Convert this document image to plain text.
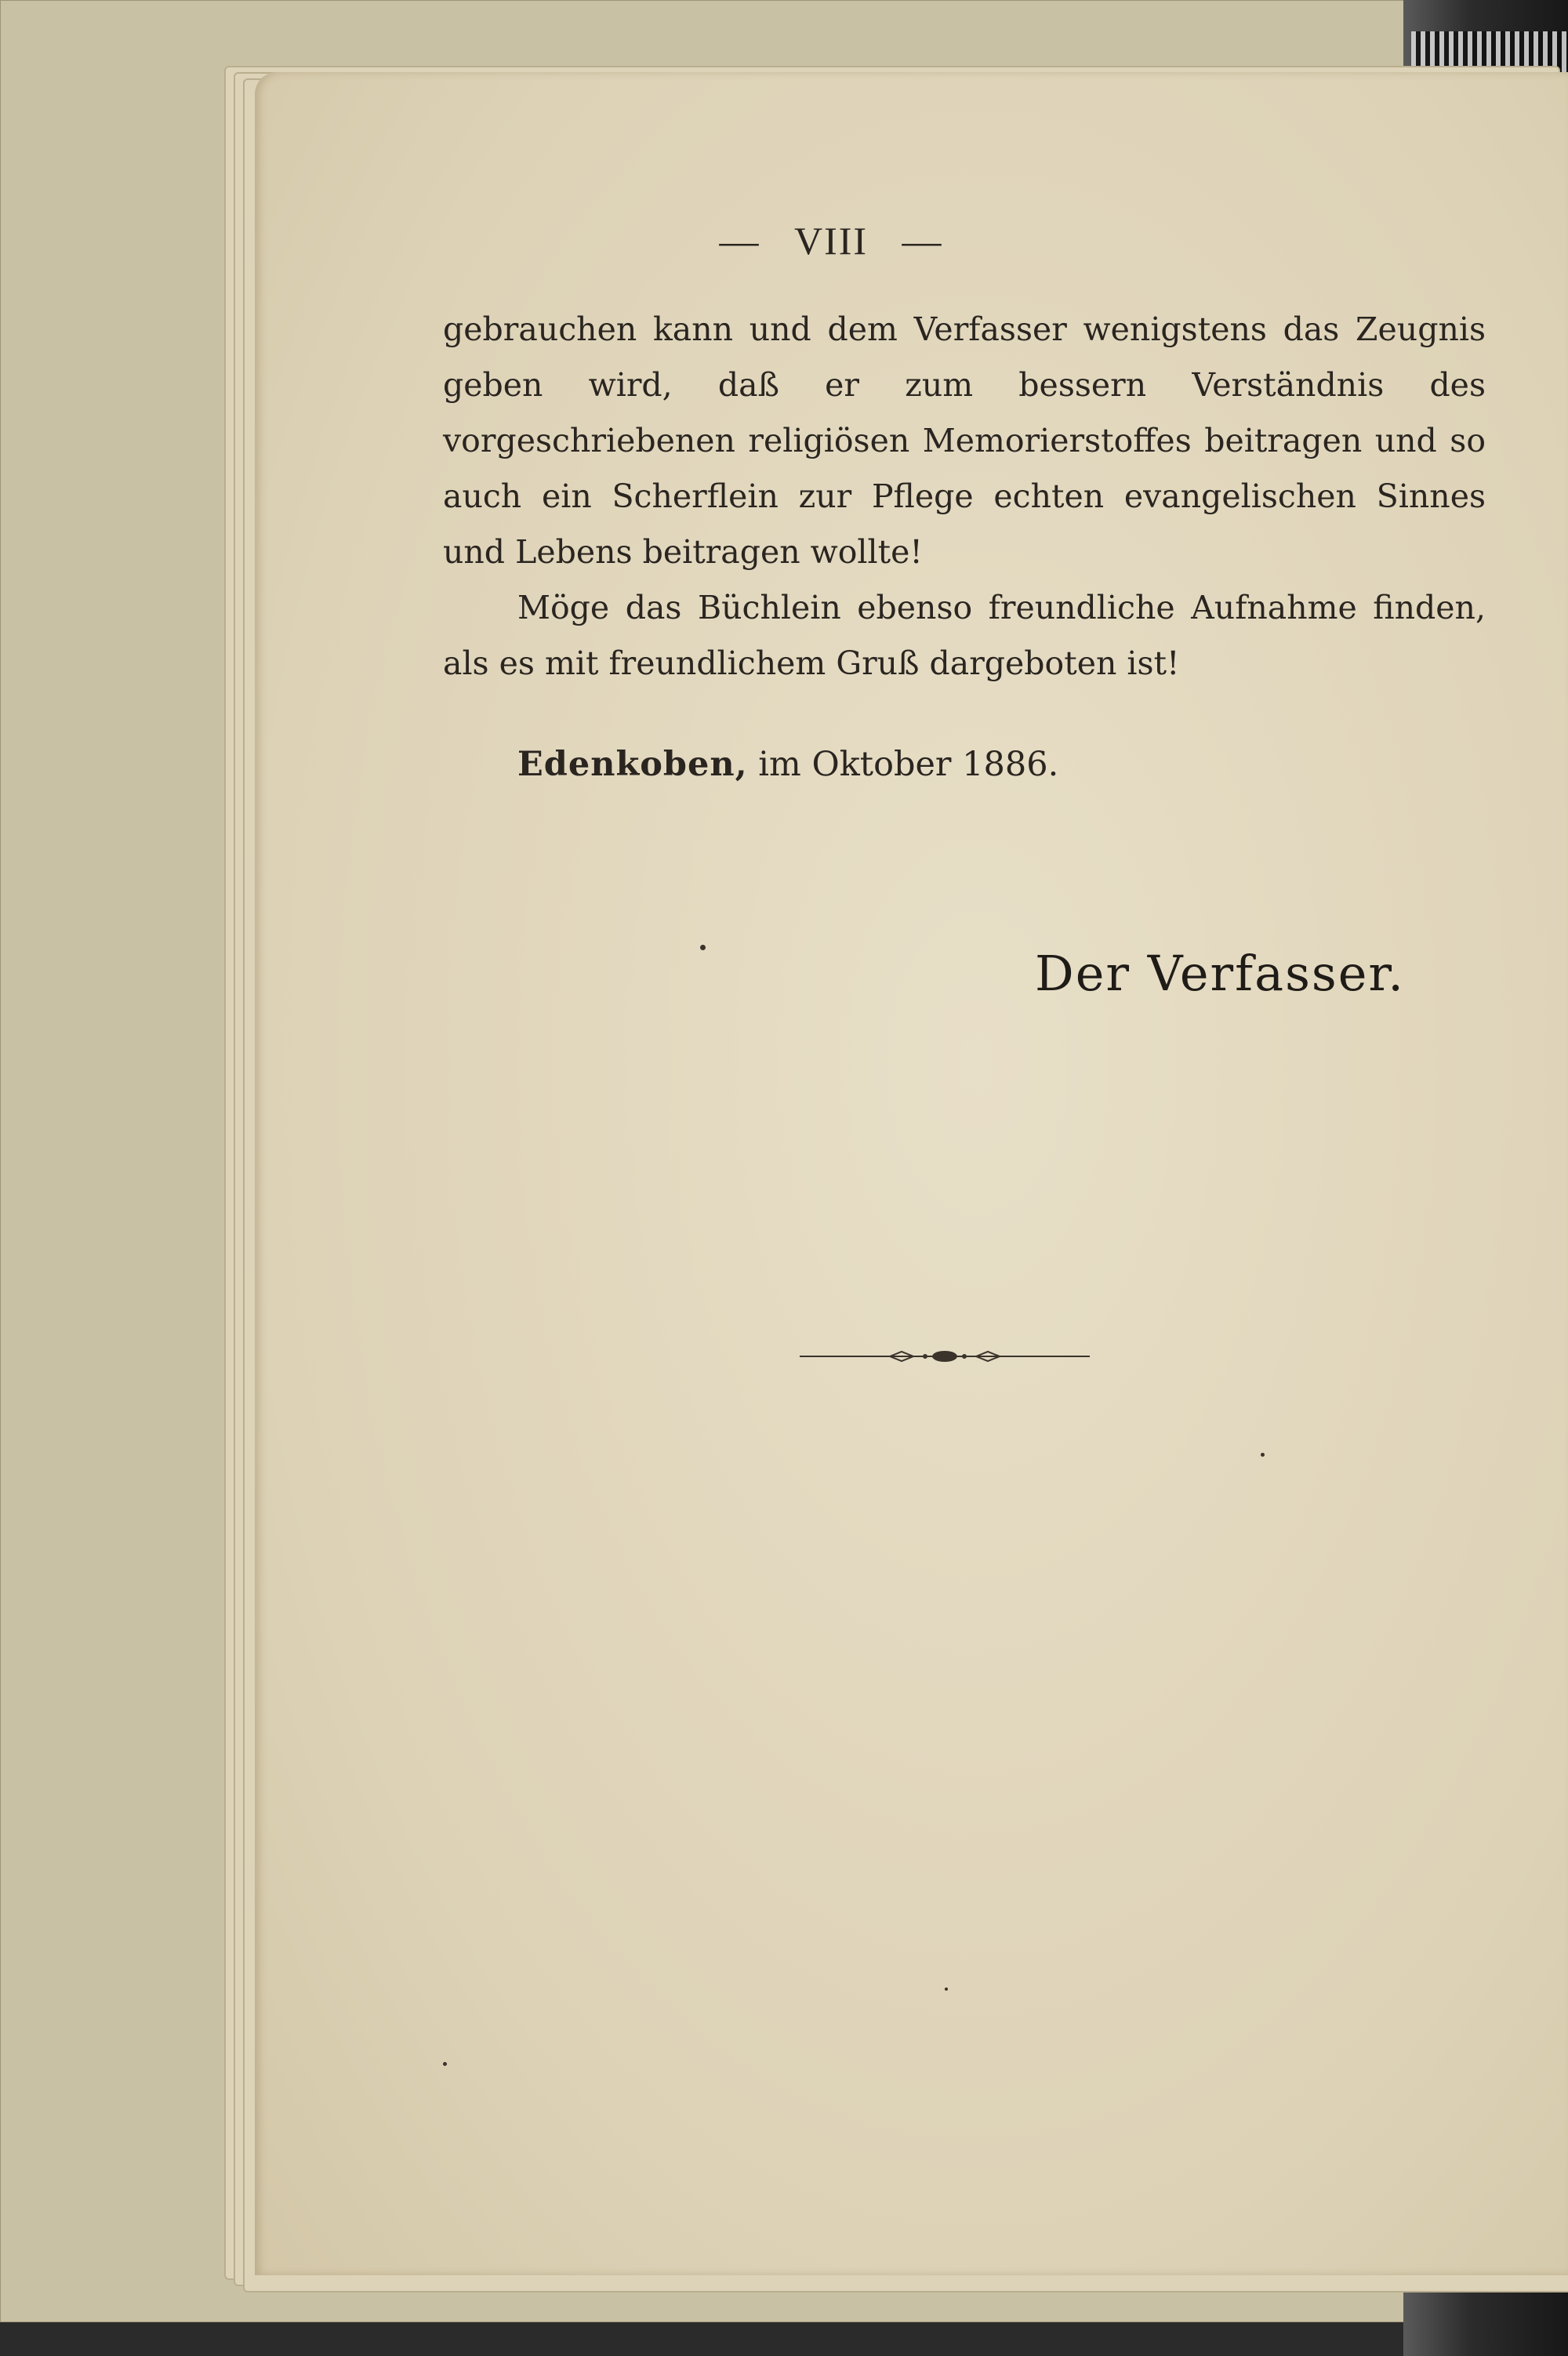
— VIII —

gebrauchen kann und dem Verfasser wenigstens das Zeugnis geben wird, daß er zum bessern Verständnis des vorgeschriebenen religiösen Memorierstoffes beitragen und so auch ein Scherflein zur Pflege echten evangelischen Sinnes und Lebens beitragen wollte!

Möge das Büchlein ebenso freundliche Aufnahme finden, als es mit freundlichem Gruß dargeboten ist!

Edenkoben, im Oktober 1886.
Der Verfasser.
